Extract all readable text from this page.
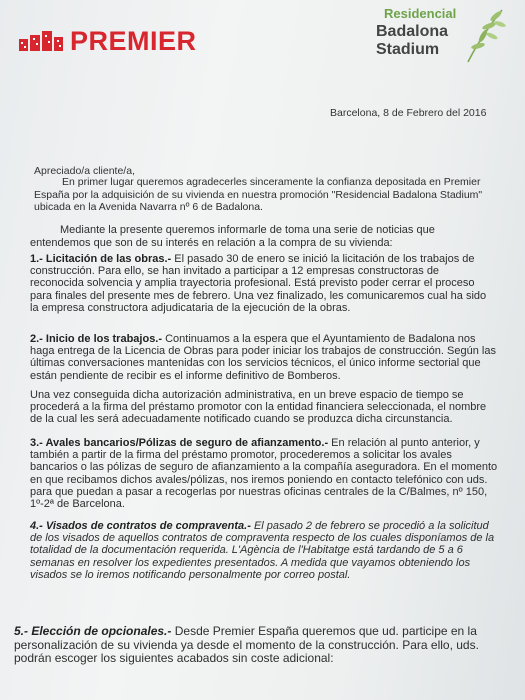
PREMIER
Residencial
Badalona
Stadium
Barcelona, 8 de Febrero del 2016
Apreciado/a cliente/a,
En primer lugar queremos agradecerles sinceramente la confianza depositada en Premier España por la adquisición de su vivienda en nuestra promoción "Residencial Badalona Stadium" ubicada en la Avenida Navarra nº 6 de Badalona.
Mediante la presente queremos informarle de toma una serie de noticias que entendemos que son de su interés en relación a la compra de su vivienda:
1.- Licitación de las obras.- El pasado 30 de enero se inició la licitación de los trabajos de construcción. Para ello, se han invitado a participar a 12 empresas constructoras de reconocida solvencia y amplia trayectoria profesional. Está previsto poder cerrar el proceso para finales del presente mes de febrero. Una vez finalizado, les comunicaremos cual ha sido la empresa constructora adjudicataria de la ejecución de la obras.
2.- Inicio de los trabajos.- Continuamos a la espera que el Ayuntamiento de Badalona nos haga entrega de la Licencia de Obras para poder iniciar los trabajos de construcción. Según las últimas conversaciones mantenidas con los servicios técnicos, el único informe sectorial que están pendiente de recibir es el informe definitivo de Bomberos.
Una vez conseguida dicha autorización administrativa, en un breve espacio de tiempo se procederá a la firma del préstamo promotor con la entidad financiera seleccionada, el nombre de la cual les será adecuadamente notificado cuando se produzca dicha circunstancia.
3.- Avales bancarios/Pólizas de seguro de afianzamento.- En relación al punto anterior, y también a partir de la firma del préstamo promotor, procederemos a solicitar los avales bancarios o las pólizas de seguro de afianzamiento a la compañía aseguradora. En el momento en que recibamos dichos avales/pólizas, nos iremos poniendo en contacto telefónico con uds. para que puedan a pasar a recogerlas por nuestras oficinas centrales de la C/Balmes, nº 150, 1º-2ª de Barcelona.
4.- Visados de contratos de compraventa.- El pasado 2 de febrero se procedió a la solicitud de los visados de aquellos contratos de compraventa respecto de los cuales disponíamos de la totalidad de la documentación requerida. L'Agència de l'Habitatge está tardando de 5 a 6 semanas en resolver los expedientes presentados. A medida que vayamos obteniendo los visados se lo iremos notificando personalmente por correo postal.
5.- Elección de opcionales.- Desde Premier España queremos que ud. participe en la personalización de su vivienda ya desde el momento de la construcción. Para ello, uds. podrán escoger los siguientes acabados sin coste adicional:
